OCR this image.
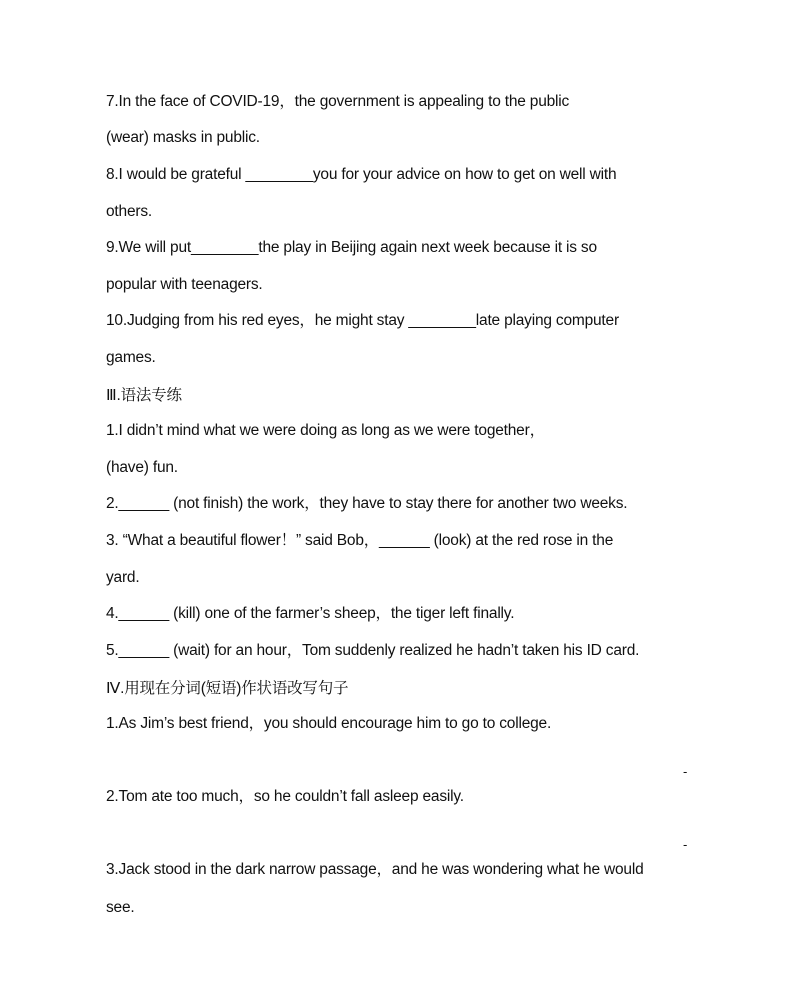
7.In the face of COVID-19，the government is appealing to the public
(wear) masks in public.
8.I would be grateful ________you for your advice on how to get on well with
others.
9.We will put________the play in Beijing again next week because it is so
popular with teenagers.
10.Judging from his red eyes，he might stay ________late playing computer
games.
Ⅲ.语法专练
1.I didn’t mind what we were doing as long as we were together，
(have) fun.
2.______ (not finish) the work，they have to stay there for another two weeks.
3. “What a beautiful flower！” said Bob，______ (look) at the red rose in the
yard.
4.______ (kill) one of the farmer’s sheep，the tiger left finally.
5.______ (wait) for an hour，Tom suddenly realized he hadn’t taken his ID card.
Ⅳ.用现在分词(短语)作状语改写句子
1.As Jim’s best friend，you should encourage him to go to college.
-
2.Tom ate too much，so he couldn’t fall asleep easily.
-
3.Jack stood in the dark narrow passage，and he was wondering what he would
see.
